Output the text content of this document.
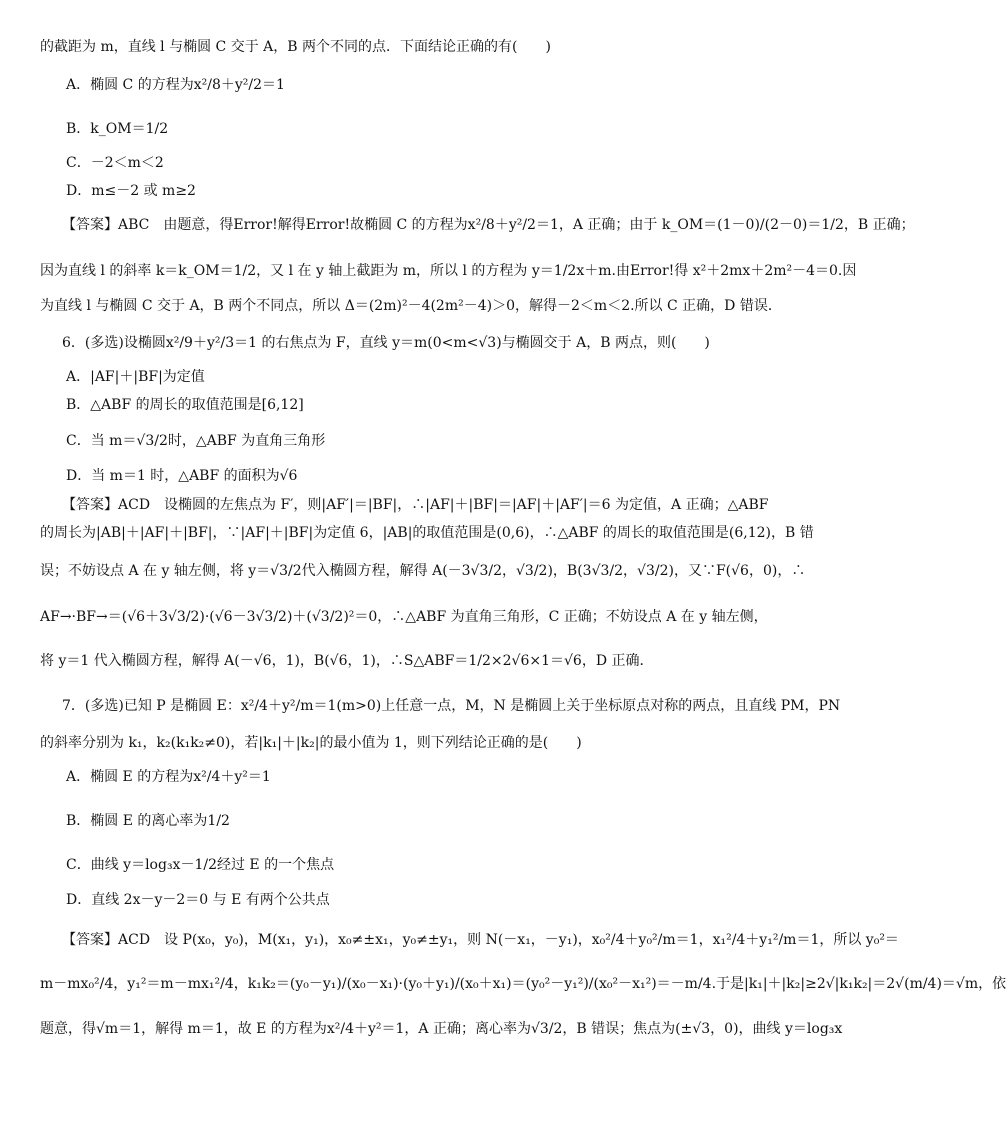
的截距为 m，直线 l 与椭圆 C 交于 A，B 两个不同的点．下面结论正确的有(　　)
A．椭圆 C 的方程为x²/8＋y²/2＝1
B．k_OM＝1/2
C．－2＜m＜2
D．m≤－2 或 m≥2
【答案】ABC　由题意，得Error!解得Error!故椭圆 C 的方程为x²/8＋y²/2＝1，A 正确；由于 k_OM＝(1－0)/(2－0)＝1/2，B 正确；
因为直线 l 的斜率 k＝k_OM＝1/2，又 l 在 y 轴上截距为 m，所以 l 的方程为 y＝1/2x＋m.由Error!得 x²＋2mx＋2m²－4＝0.因
为直线 l 与椭圆 C 交于 A，B 两个不同点，所以 Δ＝(2m)²－4(2m²－4)＞0，解得－2＜m＜2.所以 C 正确，D 错误．
6．(多选)设椭圆x²/9＋y²/3＝1 的右焦点为 F，直线 y＝m(0<m<√3)与椭圆交于 A，B 两点，则(　　)
A．|AF|＋|BF|为定值
B．△ABF 的周长的取值范围是[6,12]
C．当 m＝√3/2时，△ABF 为直角三角形
D．当 m＝1 时，△ABF 的面积为√6
【答案】ACD　设椭圆的左焦点为 F′，则|AF′|＝|BF|，∴|AF|＋|BF|＝|AF|＋|AF′|＝6 为定值，A 正确；△ABF
的周长为|AB|＋|AF|＋|BF|，∵|AF|＋|BF|为定值 6，|AB|的取值范围是(0,6)，∴△ABF 的周长的取值范围是(6,12)，B 错
误；不妨设点 A 在 y 轴左侧，将 y＝√3/2代入椭圆方程，解得 A(－3√3/2，√3/2)，B(3√3/2，√3/2)，又∵F(√6，0)，∴
AF→·BF→＝(√6＋3√3/2)·(√6－3√3/2)＋(√3/2)²＝0，∴△ABF 为直角三角形，C 正确；不妨设点 A 在 y 轴左侧，
将 y＝1 代入椭圆方程，解得 A(－√6，1)，B(√6，1)，∴S△ABF＝1/2×2√6×1＝√6，D 正确．
7．(多选)已知 P 是椭圆 E：x²/4＋y²/m＝1(m>0)上任意一点，M，N 是椭圆上关于坐标原点对称的两点，且直线 PM，PN
的斜率分别为 k₁，k₂(k₁k₂≠0)，若|k₁|＋|k₂|的最小值为 1，则下列结论正确的是(　　)
A．椭圆 E 的方程为x²/4＋y²＝1
B．椭圆 E 的离心率为1/2
C．曲线 y＝log₃x－1/2经过 E 的一个焦点
D．直线 2x－y－2＝0 与 E 有两个公共点
【答案】ACD　设 P(x₀，y₀)，M(x₁，y₁)，x₀≠±x₁，y₀≠±y₁，则 N(－x₁，－y₁)，x₀²/4＋y₀²/m＝1，x₁²/4＋y₁²/m＝1，所以 y₀²＝
m－mx₀²/4，y₁²＝m－mx₁²/4，k₁k₂＝(y₀－y₁)/(x₀－x₁)·(y₀＋y₁)/(x₀＋x₁)＝(y₀²－y₁²)/(x₀²－x₁²)＝－m/4.于是|k₁|＋|k₂|≥2√|k₁k₂|＝2√(m/4)＝√m，依
题意，得√m＝1，解得 m＝1，故 E 的方程为x²/4＋y²＝1，A 正确；离心率为√3/2，B 错误；焦点为(±√3，0)，曲线 y＝log₃x
